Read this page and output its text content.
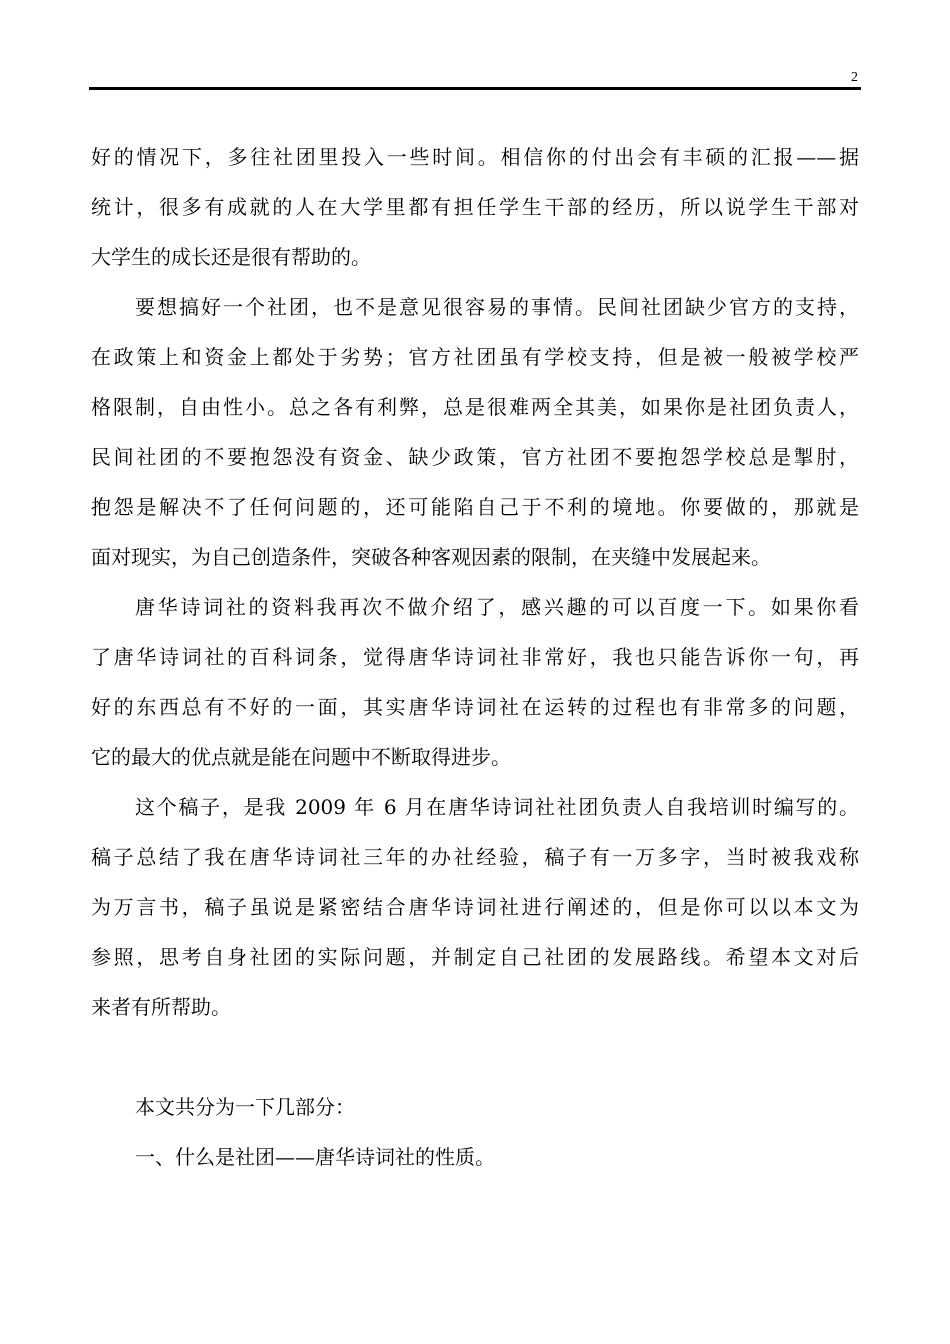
2
好的情况下，多往社团里投入一些时间。相信你的付出会有丰硕的汇报——据
统计，很多有成就的人在大学里都有担任学生干部的经历，所以说学生干部对
大学生的成长还是很有帮助的。
要想搞好一个社团，也不是意见很容易的事情。民间社团缺少官方的支持，
在政策上和资金上都处于劣势；官方社团虽有学校支持，但是被一般被学校严
格限制，自由性小。总之各有利弊，总是很难两全其美，如果你是社团负责人，
民间社团的不要抱怨没有资金、缺少政策，官方社团不要抱怨学校总是掣肘，
抱怨是解决不了任何问题的，还可能陷自己于不利的境地。你要做的，那就是
面对现实，为自己创造条件，突破各种客观因素的限制，在夹缝中发展起来。
唐华诗词社的资料我再次不做介绍了，感兴趣的可以百度一下。如果你看
了唐华诗词社的百科词条，觉得唐华诗词社非常好，我也只能告诉你一句，再
好的东西总有不好的一面，其实唐华诗词社在运转的过程也有非常多的问题，
它的最大的优点就是能在问题中不断取得进步。
这个稿子，是我 2009 年 6 月在唐华诗词社社团负责人自我培训时编写的。
稿子总结了我在唐华诗词社三年的办社经验，稿子有一万多字，当时被我戏称
为万言书，稿子虽说是紧密结合唐华诗词社进行阐述的，但是你可以以本文为
参照，思考自身社团的实际问题，并制定自己社团的发展路线。希望本文对后
来者有所帮助。
本文共分为一下几部分：
一、什么是社团——唐华诗词社的性质。
